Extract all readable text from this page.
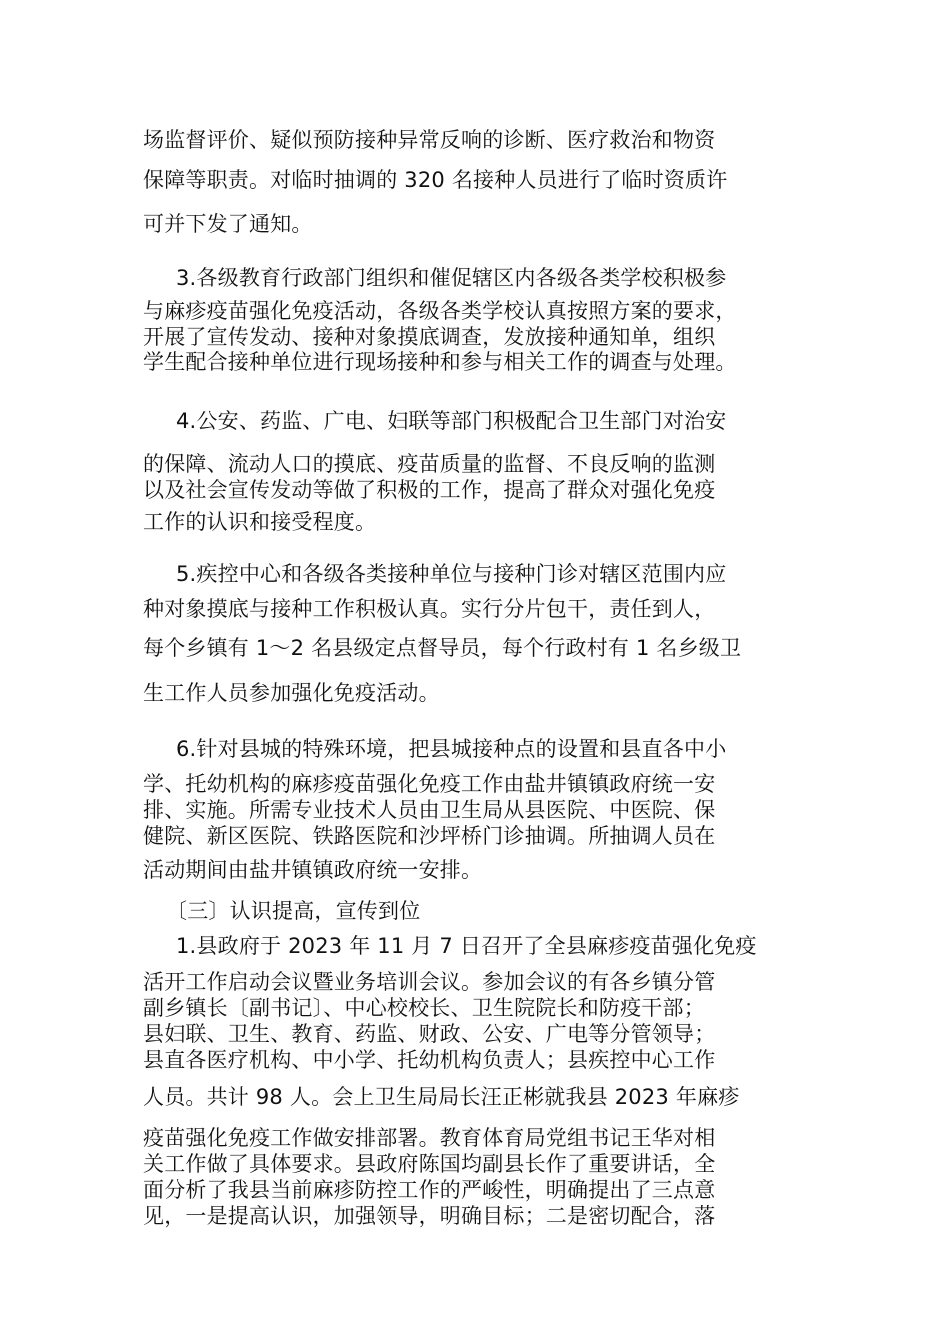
场监督评价、疑似预防接种异常反响的诊断、医疗救治和物资
保障等职责。对临时抽调的 320 名接种人员进行了临时资质许
可并下发了通知。
3.各级教育行政部门组织和催促辖区内各级各类学校积极参
与麻疹疫苗强化免疫活动，各级各类学校认真按照方案的要求，
开展了宣传发动、接种对象摸底调查，发放接种通知单，组织
学生配合接种单位进行现场接种和参与相关工作的调查与处理。
4.公安、药监、广电、妇联等部门积极配合卫生部门对治安
的保障、流动人口的摸底、疫苗质量的监督、不良反响的监测
以及社会宣传发动等做了积极的工作，提高了群众对强化免疫
工作的认识和接受程度。
5.疾控中心和各级各类接种单位与接种门诊对辖区范围内应
种对象摸底与接种工作积极认真。实行分片包干，责任到人，
每个乡镇有 1～2 名县级定点督导员，每个行政村有 1 名乡级卫
生工作人员参加强化免疫活动。
6.针对县城的特殊环境，把县城接种点的设置和县直各中小
学、托幼机构的麻疹疫苗强化免疫工作由盐井镇镇政府统一安
排、实施。所需专业技术人员由卫生局从县医院、中医院、保
健院、新区医院、铁路医院和沙坪桥门诊抽调。所抽调人员在
活动期间由盐井镇镇政府统一安排。
〔三〕认识提高，宣传到位
1.县政府于 2023 年 11 月 7 日召开了全县麻疹疫苗强化免疫
活开工作启动会议暨业务培训会议。参加会议的有各乡镇分管
副乡镇长〔副书记〕、中心校校长、卫生院院长和防疫干部；
县妇联、卫生、教育、药监、财政、公安、广电等分管领导；
县直各医疗机构、中小学、托幼机构负责人；县疾控中心工作
人员。共计 98 人。会上卫生局局长汪正彬就我县 2023 年麻疹
疫苗强化免疫工作做安排部署。教育体育局党组书记王华对相
关工作做了具体要求。县政府陈国均副县长作了重要讲话，全
面分析了我县当前麻疹防控工作的严峻性，明确提出了三点意
见，一是提高认识，加强领导，明确目标；二是密切配合，落
